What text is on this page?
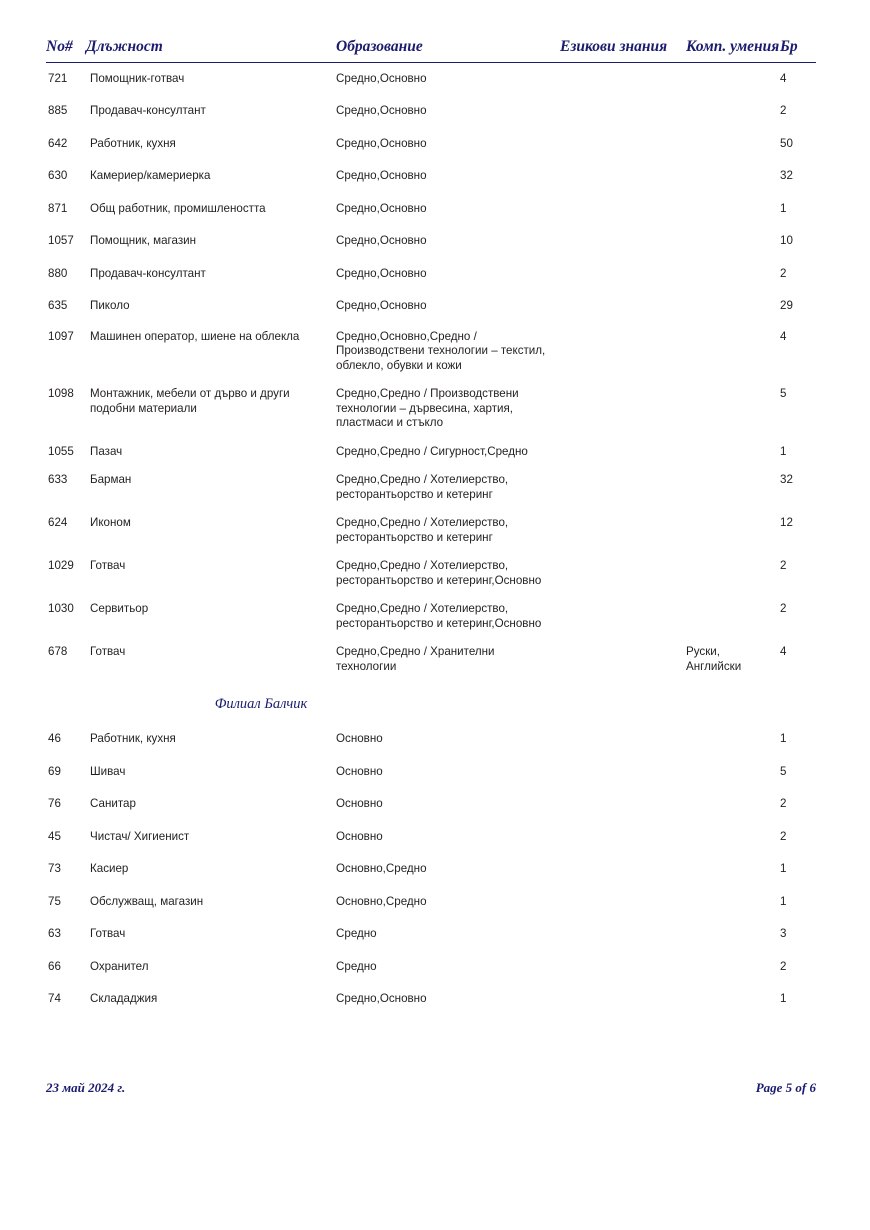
No#	Длъжност	Образование	Езикови знания	Комп. умения	Бр
721	Помощник-готвач	Средно,Основно			4
885	Продавач-консултант	Средно,Основно			2
642	Работник, кухня	Средно,Основно			50
630	Камериер/камериерка	Средно,Основно			32
871	Общ работник, промишлеността	Средно,Основно			1
1057	Помощник, магазин	Средно,Основно			10
880	Продавач-консултант	Средно,Основно			2
635	Пиколо	Средно,Основно			29
1097	Машинен оператор, шиене на облекла	Средно,Основно,Средно / Производствени технологии – текстил, облекло, обувки и кожи			4
1098	Монтажник, мебели от дърво и други подобни материали	Средно,Средно / Производствени технологии – дървесина, хартия, пластмаси и стъкло			5
1055	Пазач	Средно,Средно / Сигурност,Средно			1
633	Барман	Средно,Средно / Хотелиерство, ресторантьорство и кетеринг			32
624	Иконом	Средно,Средно / Хотелиерство, ресторантьорство и кетеринг			12
1029	Готвач	Средно,Средно / Хотелиерство, ресторантьорство и кетеринг,Основно			2
1030	Сервитьор	Средно,Средно / Хотелиерство, ресторантьорство и кетеринг,Основно			2
678	Готвач	Средно,Средно / Хранителни технологии		Руски, Английски	4

Филиал Балчик					

46	Работник, кухня	Основно			1
69	Шивач	Основно			5
76	Санитар	Основно			2
45	Чистач/ Хигиенист	Основно			2
73	Касиер	Основно,Средно			1
75	Обслужващ, магазин	Основно,Средно			1
63	Готвач	Средно			3
66	Охранител	Средно			2
74	Склададжия	Средно,Основно			1
23 май 2024 г.	Page 5 of 6
